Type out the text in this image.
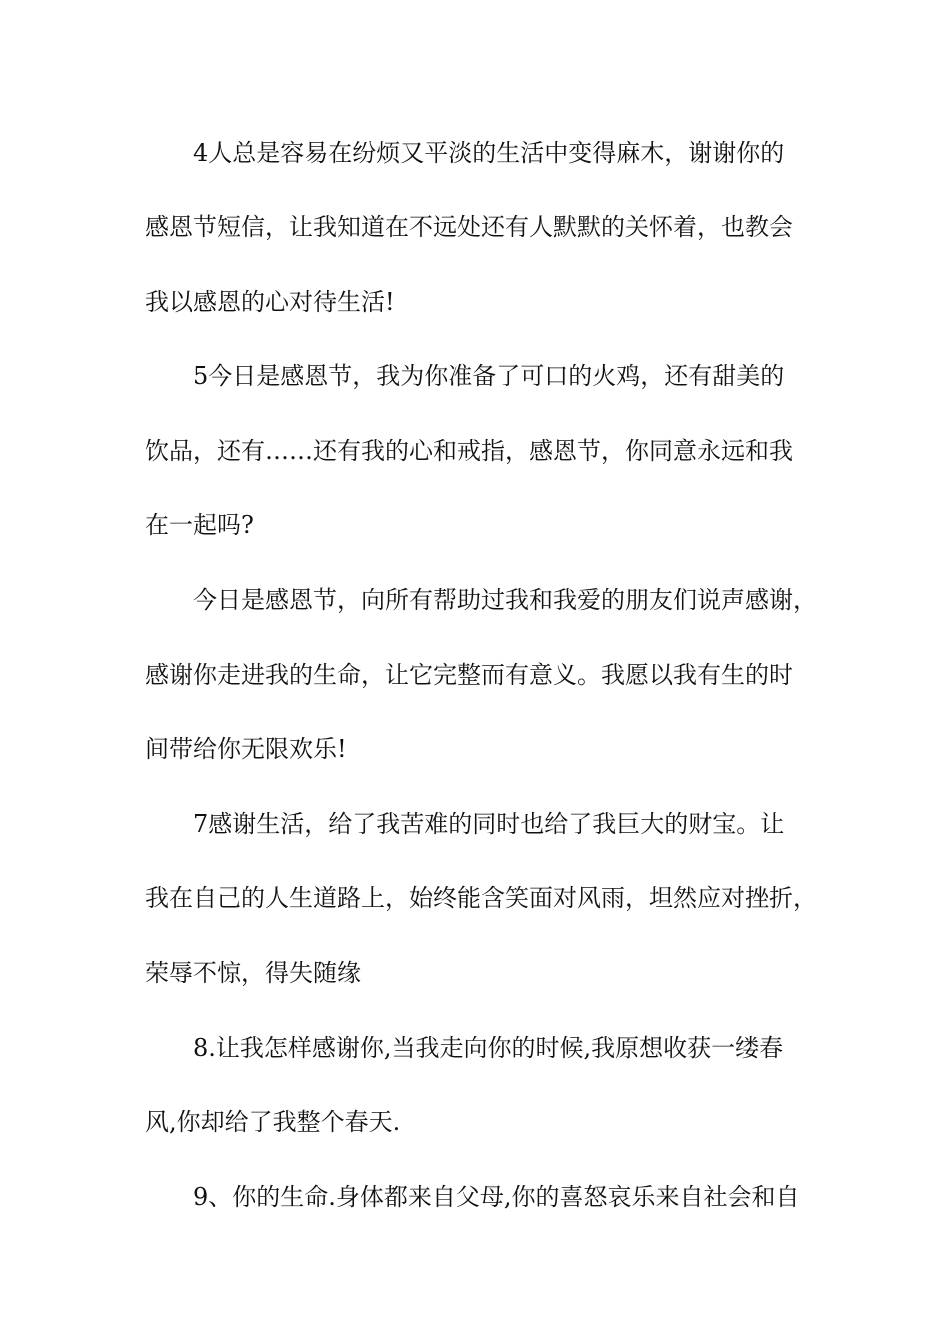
4人总是容易在纷烦又平淡的生活中变得麻木，谢谢你的
感恩节短信，让我知道在不远处还有人默默的关怀着，也教会
我以感恩的心对待生活!
5今日是感恩节，我为你准备了可口的火鸡，还有甜美的
饮品，还有……还有我的心和戒指，感恩节，你同意永远和我
在一起吗?
今日是感恩节，向所有帮助过我和我爱的朋友们说声感谢，
感谢你走进我的生命，让它完整而有意义。我愿以我有生的时
间带给你无限欢乐!
7感谢生活，给了我苦难的同时也给了我巨大的财宝。让
我在自己的人生道路上，始终能含笑面对风雨，坦然应对挫折，
荣辱不惊，得失随缘
8.让我怎样感谢你,当我走向你的时候,我原想收获一缕春
风,你却给了我整个春天.
9、你的生命.身体都来自父母,你的喜怒哀乐来自社会和自
